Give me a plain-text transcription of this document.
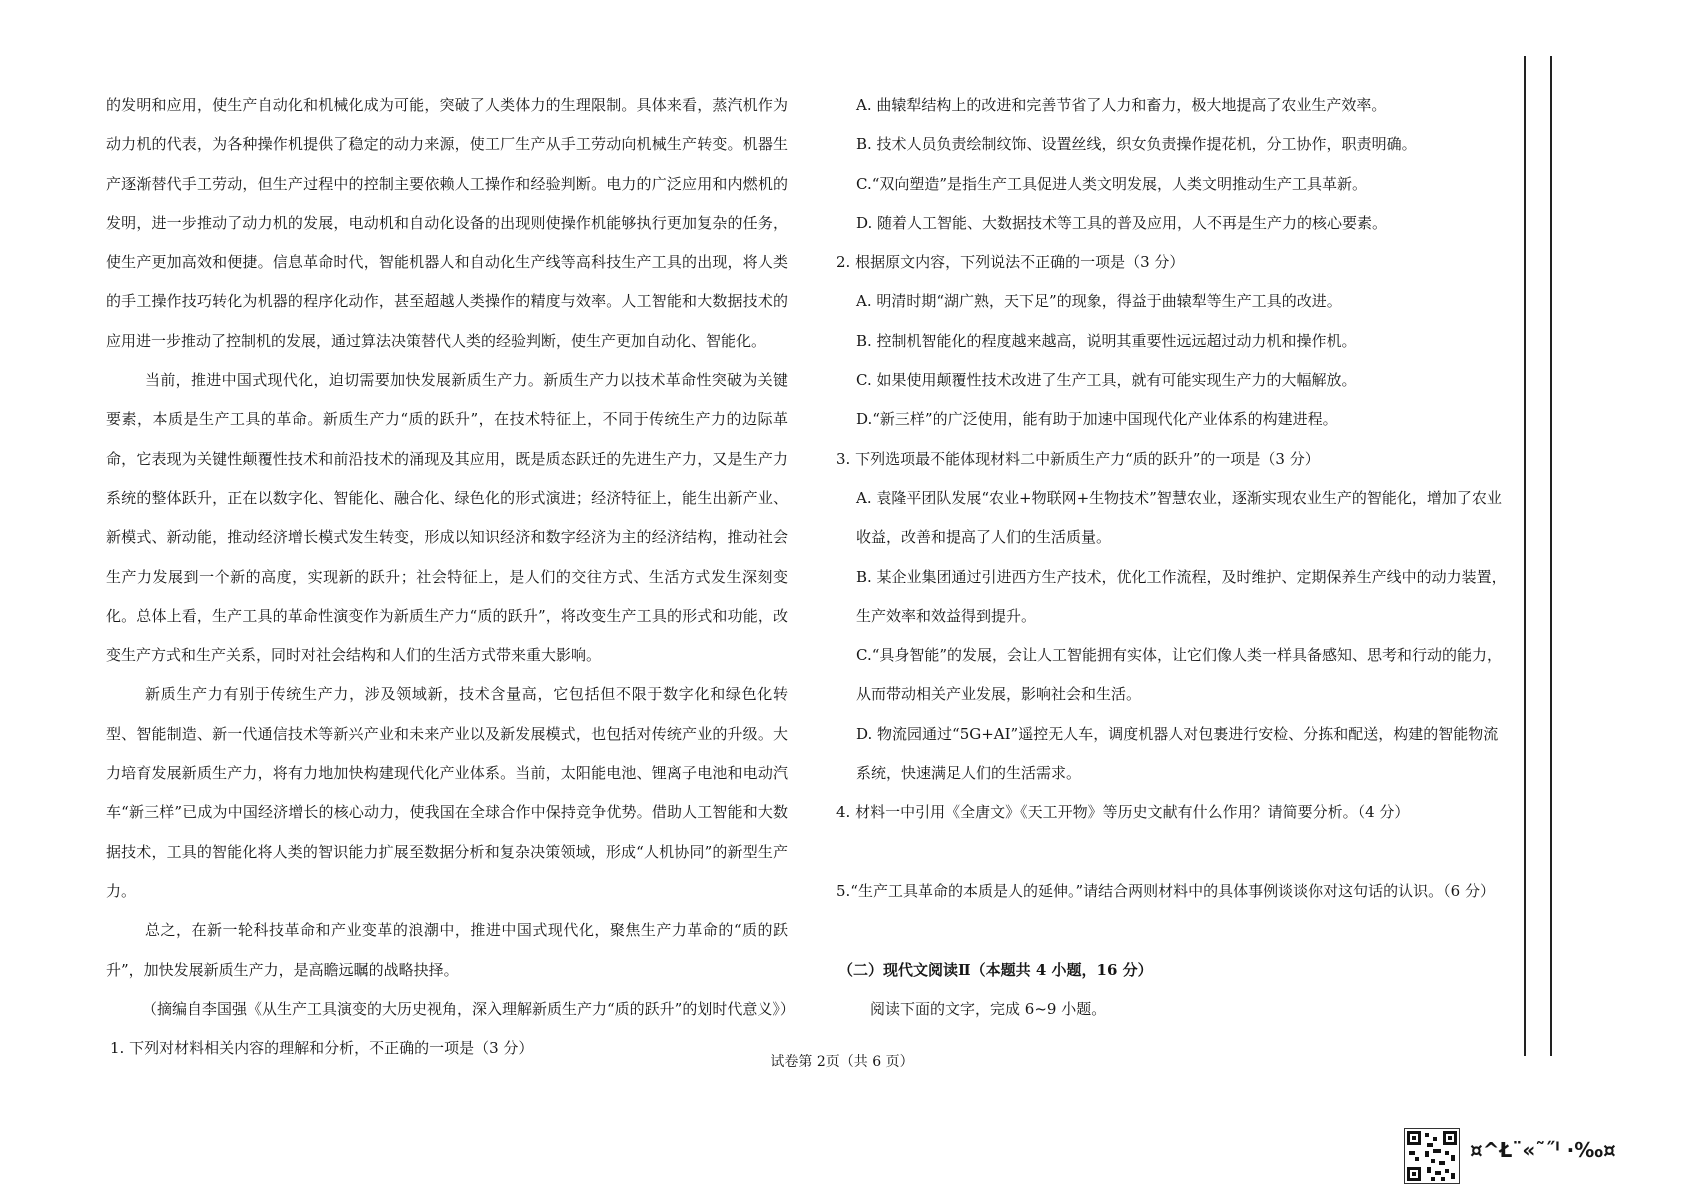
的发明和应用，使生产自动化和机械化成为可能，突破了人类体力的生理限制。具体来看，蒸汽机作为动力机的代表，为各种操作机提供了稳定的动力来源，使工厂生产从手工劳动向机械生产转变。机器生产逐渐替代手工劳动，但生产过程中的控制主要依赖人工操作和经验判断。电力的广泛应用和内燃机的发明，进一步推动了动力机的发展，电动机和自动化设备的出现则使操作机能够执行更加复杂的任务，使生产更加高效和便捷。信息革命时代，智能机器人和自动化生产线等高科技生产工具的出现，将人类的手工操作技巧转化为机器的程序化动作，甚至超越人类操作的精度与效率。人工智能和大数据技术的应用进一步推动了控制机的发展，通过算法决策替代人类的经验判断，使生产更加自动化、智能化。

当前，推进中国式现代化，迫切需要加快发展新质生产力。新质生产力以技术革命性突破为关键要素，本质是生产工具的革命。新质生产力“质的跃升”，在技术特征上，不同于传统生产力的边际革命，它表现为关键性颠覆性技术和前沿技术的涌现及其应用，既是质态跃迁的先进生产力，又是生产力系统的整体跃升，正在以数字化、智能化、融合化、绿色化的形式演进；经济特征上，能生出新产业、新模式、新动能，推动经济增长模式发生转变，形成以知识经济和数字经济为主的经济结构，推动社会生产力发展到一个新的高度，实现新的跃升；社会特征上，是人们的交往方式、生活方式发生深刻变化。总体上看，生产工具的革命性演变作为新质生产力“质的跃升”，将改变生产工具的形式和功能，改变生产方式和生产关系，同时对社会结构和人们的生活方式带来重大影响。

新质生产力有别于传统生产力，涉及领域新，技术含量高，它包括但不限于数字化和绿色化转型、智能制造、新一代通信技术等新兴产业和未来产业以及新发展模式，也包括对传统产业的升级。大力培育发展新质生产力，将有力地加快构建现代化产业体系。当前，太阳能电池、锂离子电池和电动汽车“新三样”已成为中国经济增长的核心动力，使我国在全球合作中保持竞争优势。借助人工智能和大数据技术，工具的智能化将人类的智识能力扩展至数据分析和复杂决策领域，形成“人机协同”的新型生产力。

总之，在新一轮科技革命和产业变革的浪潮中，推进中国式现代化，聚焦生产力革命的“质的跃升”，加快发展新质生产力，是高瞻远瞩的战略抉择。

（摘编自李国强《从生产工具演变的大历史视角，深入理解新质生产力“质的跃升”的划时代意义》）

1. 下列对材料相关内容的理解和分析，不正确的一项是（3 分）

A. 曲辕犁结构上的改进和完善节省了人力和畜力，极大地提高了农业生产效率。

B. 技术人员负责绘制纹饰、设置丝线，织女负责操作提花机，分工协作，职责明确。

C.“双向塑造”是指生产工具促进人类文明发展，人类文明推动生产工具革新。

D. 随着人工智能、大数据技术等工具的普及应用，人不再是生产力的核心要素。

2. 根据原文内容，下列说法不正确的一项是（3 分）

A. 明清时期“湖广熟，天下足”的现象，得益于曲辕犁等生产工具的改进。

B. 控制机智能化的程度越来越高，说明其重要性远远超过动力机和操作机。

C. 如果使用颠覆性技术改进了生产工具，就有可能实现生产力的大幅解放。

D.“新三样”的广泛使用，能有助于加速中国现代化产业体系的构建进程。

3. 下列选项最不能体现材料二中新质生产力“质的跃升”的一项是（3 分）

A. 袁隆平团队发展“农业+物联网+生物技术”智慧农业，逐渐实现农业生产的智能化，增加了农业收益，改善和提高了人们的生活质量。

B. 某企业集团通过引进西方生产技术，优化工作流程，及时维护、定期保养生产线中的动力装置，生产效率和效益得到提升。

C.“具身智能”的发展，会让人工智能拥有实体，让它们像人类一样具备感知、思考和行动的能力，从而带动相关产业发展，影响社会和生活。

D. 物流园通过“5G+AI”遥控无人车，调度机器人对包裹进行安检、分拣和配送，构建的智能物流系统，快速满足人们的生活需求。

4. 材料一中引用《全唐文》《天工开物》等历史文献有什么作用？请简要分析。（4 分）

5.“生产工具革命的本质是人的延伸。”请结合两则材料中的具体事例谈谈你对这句话的认识。（6 分）

（二）现代文阅读Ⅱ（本题共 4 小题，16 分）

阅读下面的文字，完成 6~9 小题。

试卷第 2页（共 6 页）
¤^Ł¨«˜˝ˡ ·‰¤
